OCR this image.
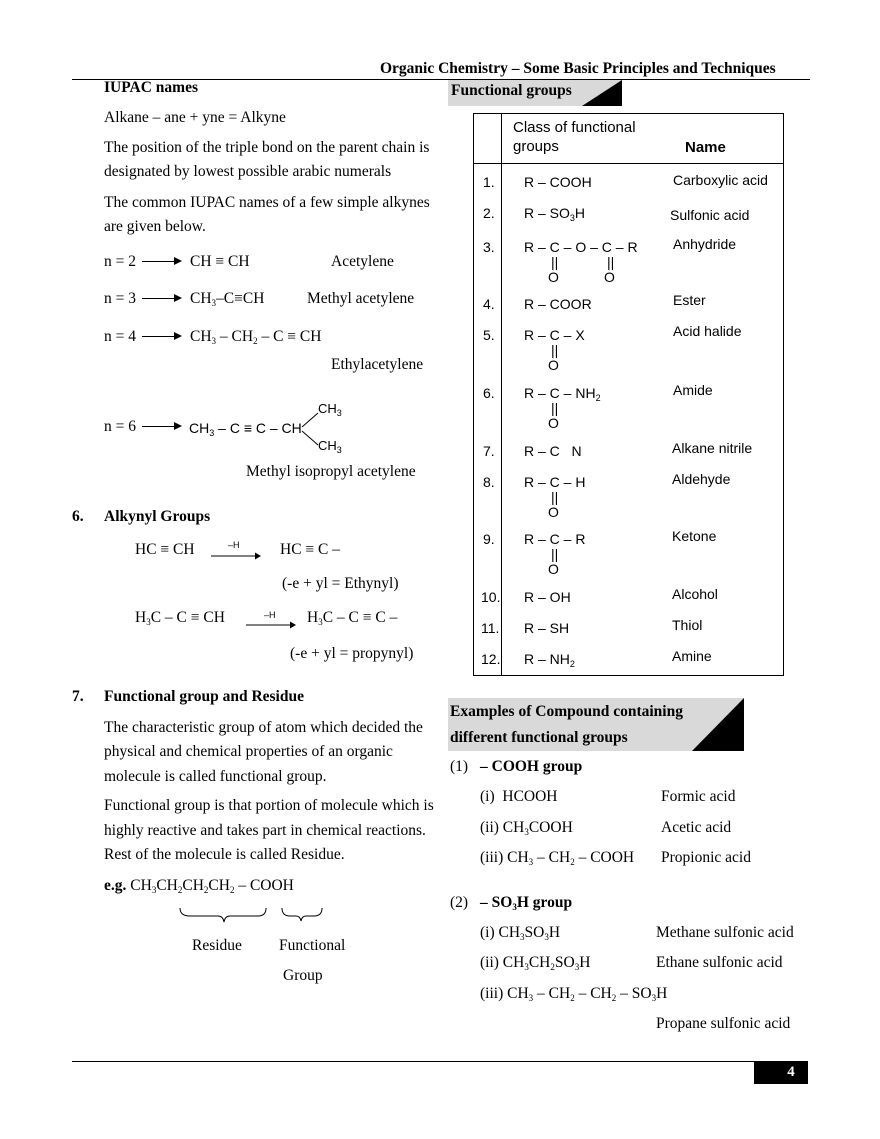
Organic Chemistry – Some Basic Principles and Techniques
IUPAC names
Alkane – ane + yne = Alkyne
The position of the triple bond on the parent chain is
designated by lowest possible arabic numerals
The common IUPAC names of a few simple alkynes
are given below.
n = 2	CH ≡ CH	Acetylene
n = 3	$CH_3-C\equiv CH$	Methyl acetylene
n = 4	$CH_3 - CH_2$ – C ≡ CH
Ethylacetylene
n = 6	$CH_3 - C \equiv C$ – CH
$CH_3$
$CH_3$
Methyl isopropyl acetylene
6. Alkynyl Groups
HC ≡ CH	–H	HC ≡ C –
(-e + yl = Ethynyl)
$H_3C$ – C ≡ CH	–H $H_3C - C \equiv C$ –
(-e + yl = propynyl)
7. Functional group and Residue
The characteristic group of atom which decided the
physical and chemical properties of an organic
molecule is called functional group.
Functional group is that portion of molecule which is
highly reactive and takes part in chemical reactions.
Rest of the molecule is called Residue.
e.g. $CH_3CH_2CH_2CH_2$ – COOH
Residue Functional
Group
Functional groups
Class of functional
groups	Name
1. R – COOH	Carboxylic acid
2. R – $SO_3H$	Sulfonic acid
3. R – C – O – C – R
||	||
O	O
Anhydride
4. R – COOR	Ester
5. R – C – X
||
O
Acid halide
6. R – C – $NH_2$
||
O
Amide
7. R – C   N	Alkane nitrile
8. R – C – H
||
O
Aldehyde
9. R – C – R
||
O
Ketone
10. R – OH	Alcohol
11. R – SH	Thiol
12. R – $NH_2$	Amine
Examples of Compound containing
different functional groups
(1) – COOH group
(i)  HCOOH	Formic acid
(ii) $CH_3COOH$	Acetic acid
(iii) $CH_3 - CH_2$ – COOH Propionic acid
$(2) - SO_3H$ group
(i) $CH_3SO_3H$	Methane sulfonic acid
(ii) $CH_3CH_2SO_3H$	Ethane sulfonic acid
(iii) $CH_3 - CH_2 - CH_2 - SO_3H$
Propane sulfonic acid
4
